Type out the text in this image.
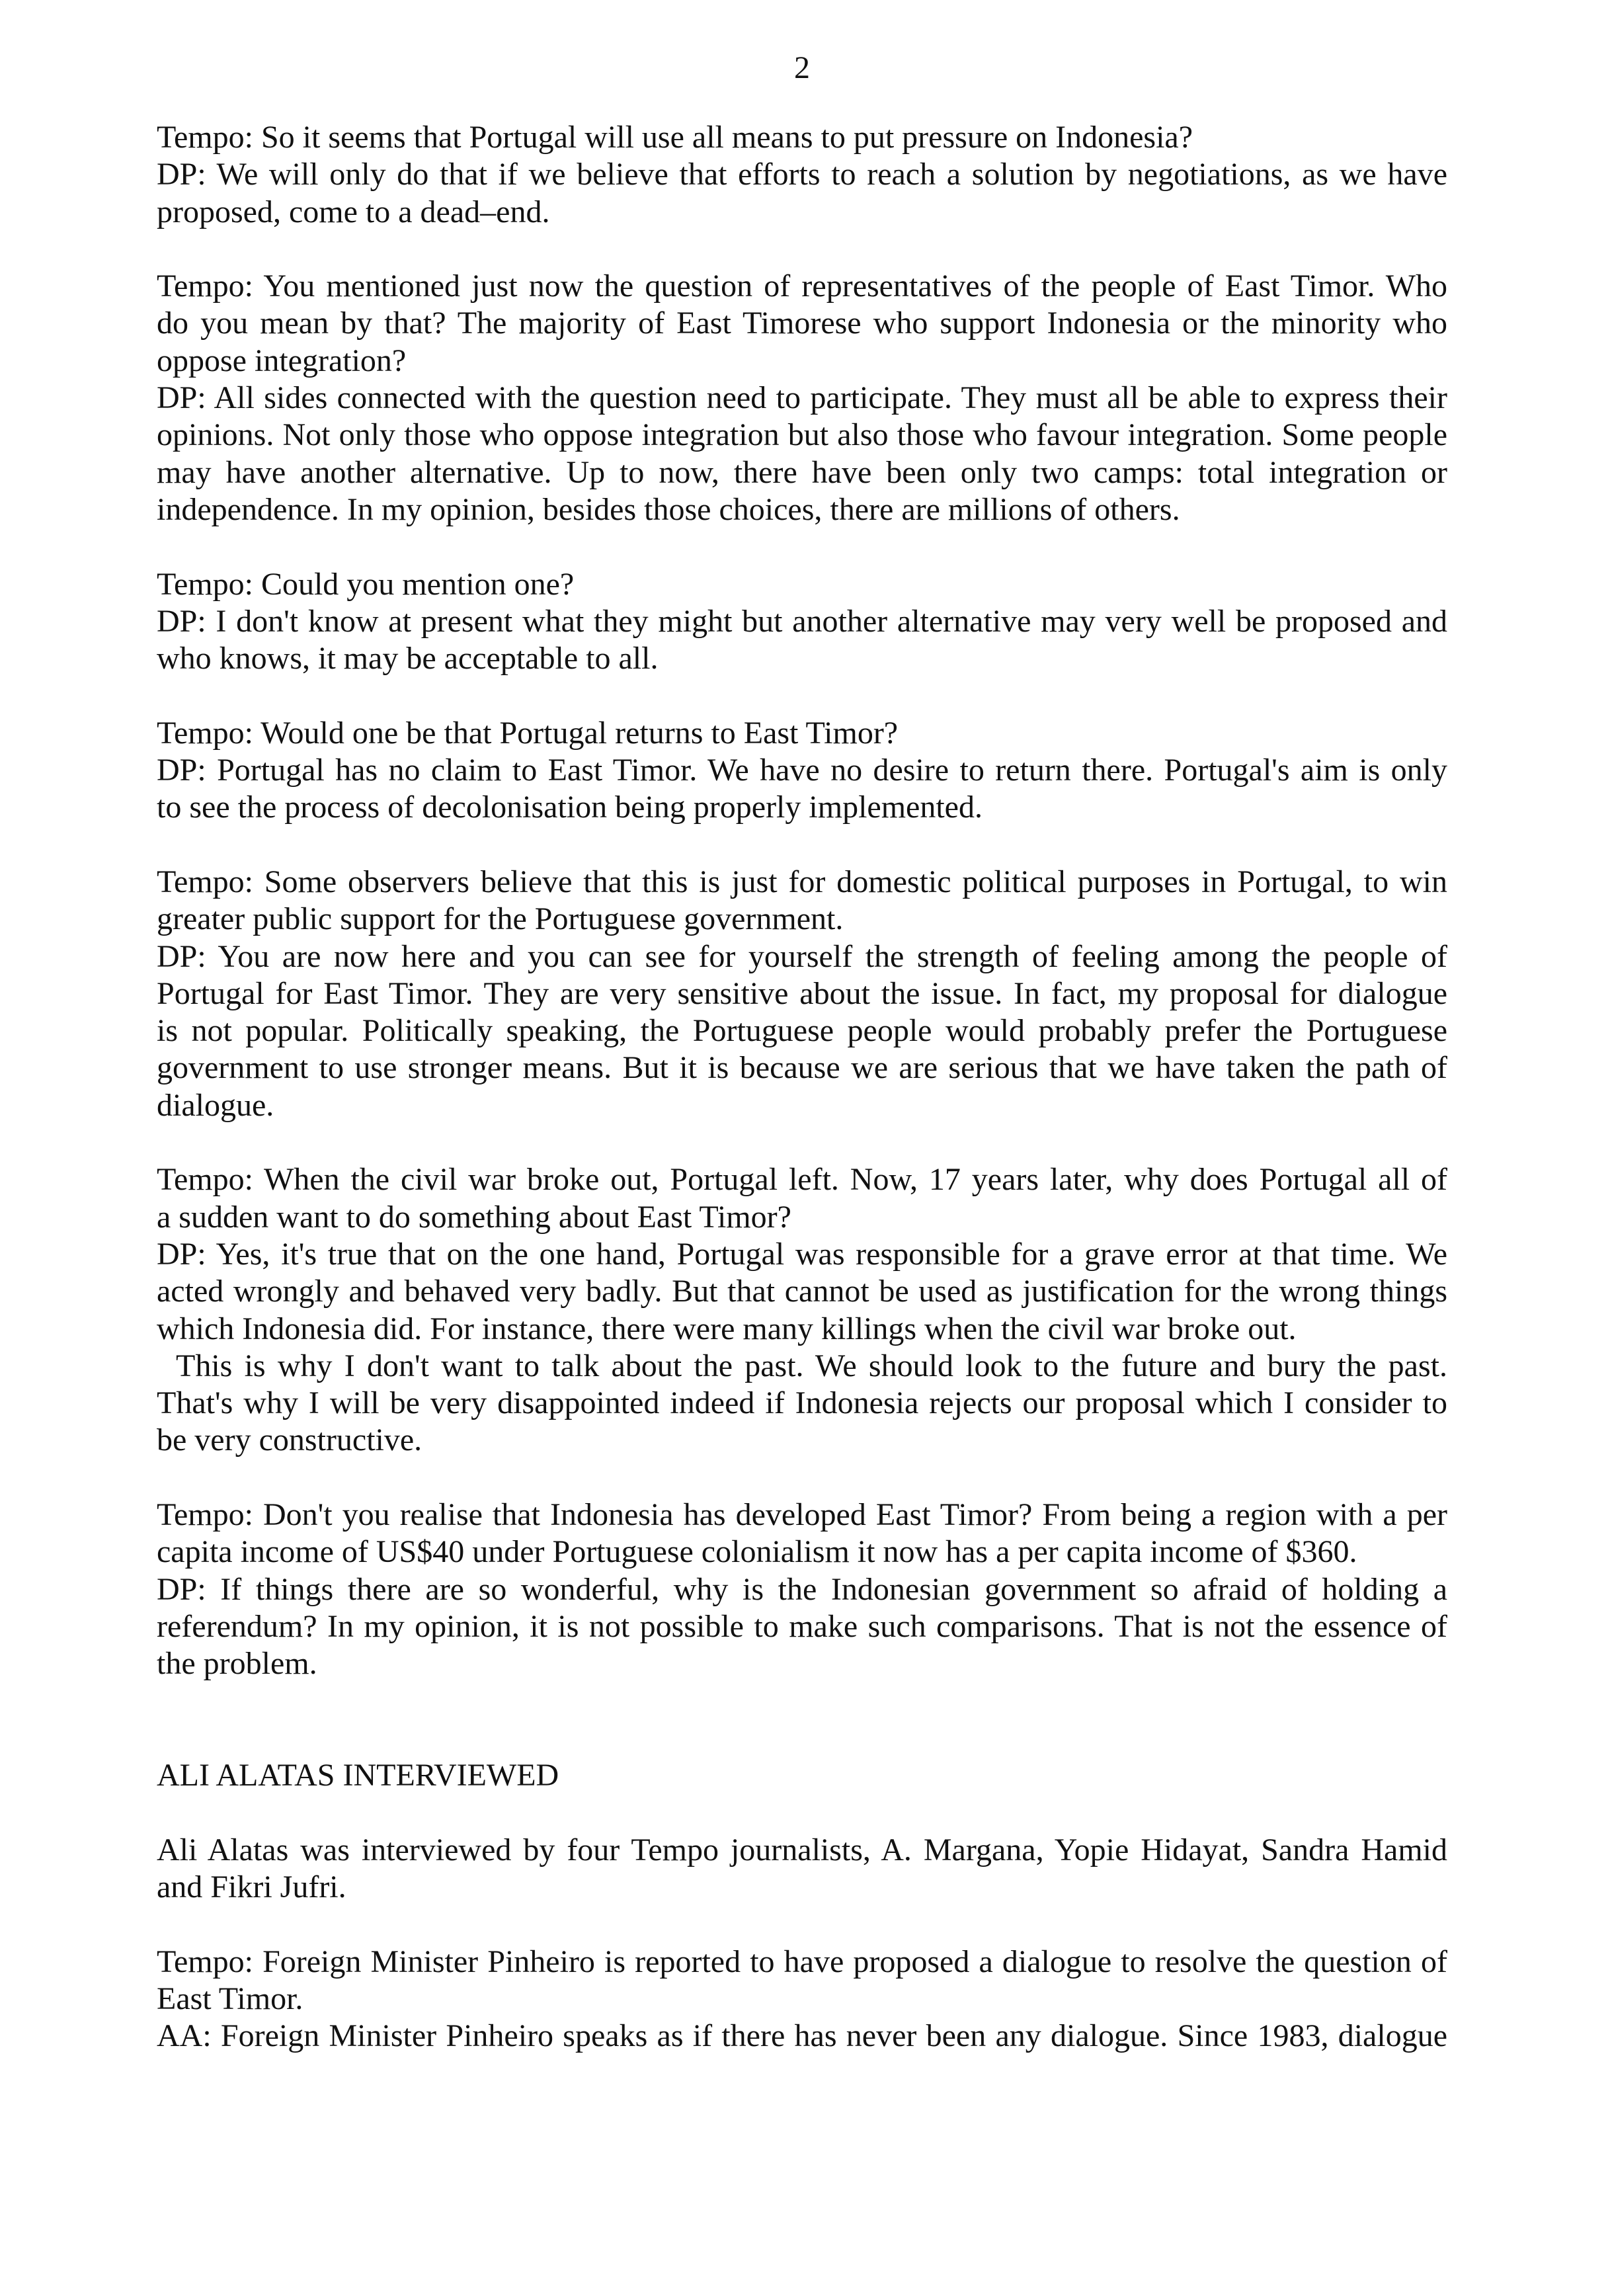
2
Tempo: So it seems that Portugal will use all means to put pressure on Indonesia?
DP: We will only do that if we believe that efforts to reach a solution by negotiations, as we have
proposed, come to a dead–end.
Tempo: You mentioned just now the question of representatives of the people of East Timor. Who
do you mean by that? The majority of East Timorese who support Indonesia or the minority who
oppose integration?
DP: All sides connected with the question need to participate. They must all be able to express their
opinions. Not only those who oppose integration but also those who favour integration. Some people
may have another alternative. Up to now, there have been only two camps: total integration or
independence. In my opinion, besides those choices, there are millions of others.
Tempo: Could you mention one?
DP: I don't know at present what they might but another alternative may very well be proposed and
who knows, it may be acceptable to all.
Tempo: Would one be that Portugal returns to East Timor?
DP: Portugal has no claim to East Timor. We have no desire to return there. Portugal's aim is only
to see the process of decolonisation being properly implemented.
Tempo: Some observers believe that this is just for domestic political purposes in Portugal, to win
greater public support for the Portuguese government.
DP: You are now here and you can see for yourself the strength of feeling among the people of
Portugal for East Timor. They are very sensitive about the issue. In fact, my proposal for dialogue
is not popular. Politically speaking, the Portuguese people would probably prefer the Portuguese
government to use stronger means. But it is because we are serious that we have taken the path of
dialogue.
Tempo: When the civil war broke out, Portugal left. Now, 17 years later, why does Portugal all of
a sudden want to do something about East Timor?
DP: Yes, it's true that on the one hand, Portugal was responsible for a grave error at that time. We
acted wrongly and behaved very badly. But that cannot be used as justification for the wrong things
which Indonesia did. For instance, there were many killings when the civil war broke out.
This is why I don't want to talk about the past. We should look to the future and bury the past.
That's why I will be very disappointed indeed if Indonesia rejects our proposal which I consider to
be very constructive.
Tempo: Don't you realise that Indonesia has developed East Timor? From being a region with a per
capita income of US$40 under Portuguese colonialism it now has a per capita income of $360.
DP: If things there are so wonderful, why is the Indonesian government so afraid of holding a
referendum? In my opinion, it is not possible to make such comparisons. That is not the essence of
the problem.
ALI ALATAS INTERVIEWED
Ali Alatas was interviewed by four Tempo journalists, A. Margana, Yopie Hidayat, Sandra Hamid
and Fikri Jufri.
Tempo: Foreign Minister Pinheiro is reported to have proposed a dialogue to resolve the question of
East Timor.
AA: Foreign Minister Pinheiro speaks as if there has never been any dialogue. Since 1983, dialogue
